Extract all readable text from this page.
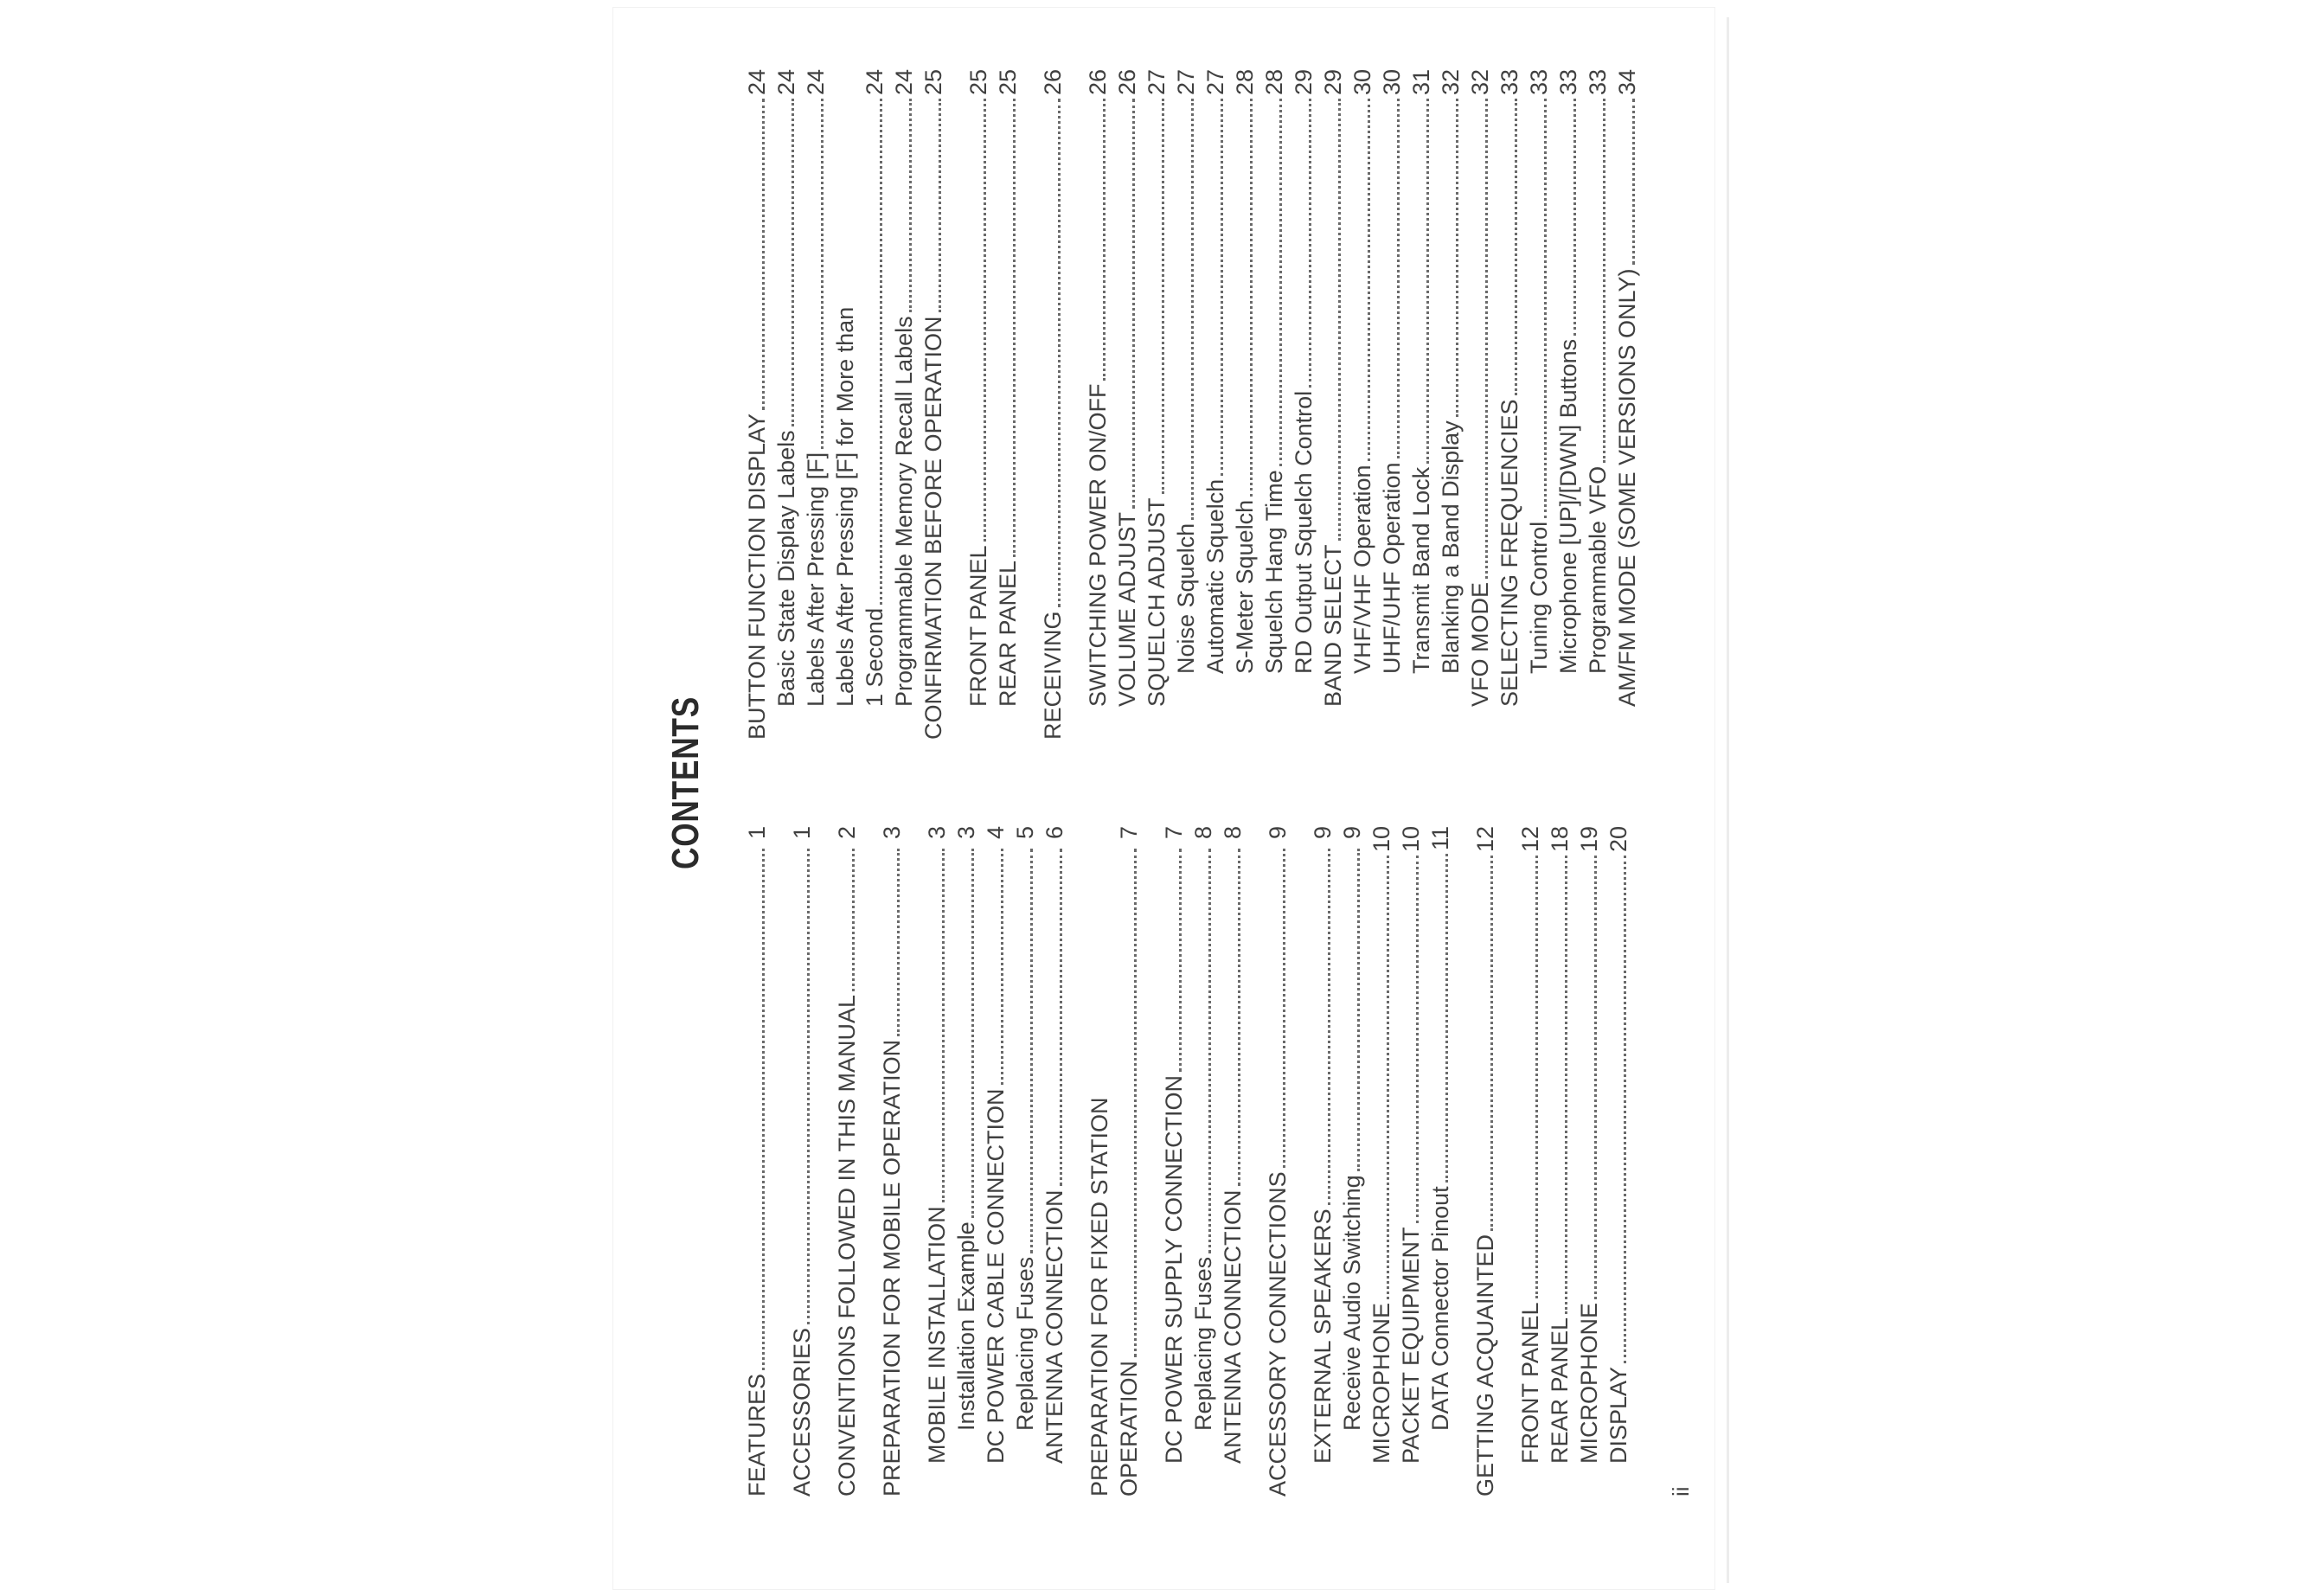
CONTENTS
FEATURES
1
ACCESSORIES
1
CONVENTIONS FOLLOWED IN THIS MANUAL
2
PREPARATION FOR MOBILE OPERATION
3
MOBILE INSTALLATION
3
Installation Example
3
DC POWER CABLE CONNECTION
4
Replacing Fuses
5
ANTENNA CONNECTION
6
PREPARATION FOR FIXED STATION OPERATION
7
DC POWER SUPPLY CONNECTION
7
Replacing Fuses
8
ANTENNA CONNECTION
8
ACCESSORY CONNECTIONS
9
EXTERNAL SPEAKERS
9
Receive Audio Switching
9
MICROPHONE
10
PACKET EQUIPMENT
10
DATA Connector Pinout
11
GETTING ACQUAINTED
12
FRONT PANEL
12
REAR PANEL
18
MICROPHONE
19
DISPLAY
20
BUTTON FUNCTION DISPLAY
24
Basic State Display Labels
24
Labels After Pressing [F]
24
Labels After Pressing [F] for More than 1 Second
24
Programmable Memory Recall Labels
24
CONFIRMATION BEFORE OPERATION
25
FRONT PANEL
25
REAR PANEL
25
RECEIVING
26
SWITCHING POWER ON/OFF
26
VOLUME ADJUST
26
SQUELCH ADJUST
27
Noise Squelch
27
Automatic Squelch
27
S-Meter Squelch
28
Squelch Hang Time
28
RD Output Squelch Control
29
BAND SELECT
29
VHF/VHF Operation
30
UHF/UHF Operation
30
Transmit Band Lock
31
Blanking a Band Display
32
VFO MODE
32
SELECTING FREQUENCIES
33
Tuning Control
33
Microphone [UP]/[DWN] Buttons
33
Programmable VFO
33
AM/FM MODE (SOME VERSIONS ONLY)
34
ii
